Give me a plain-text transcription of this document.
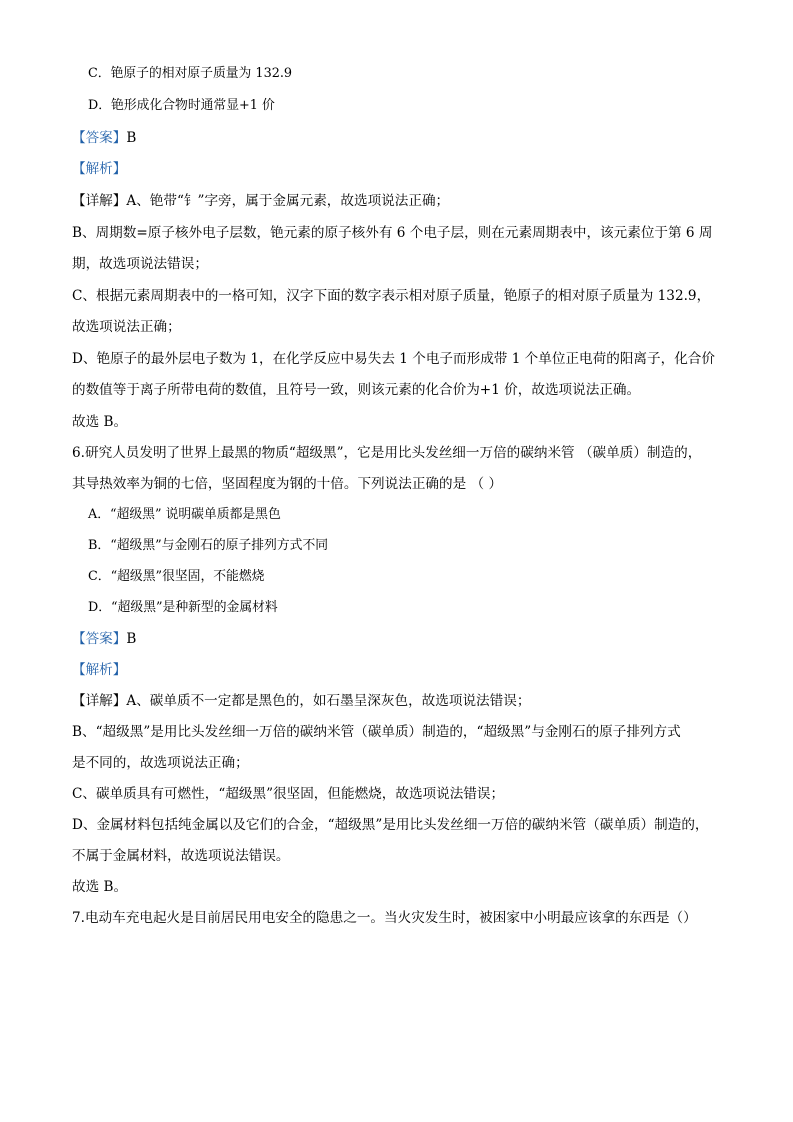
C．铯原子的相对原子质量为 132.9
D．铯形成化合物时通常显+1 价
【答案】B
【解析】
【详解】A、铯带“钅”字旁，属于金属元素，故选项说法正确；
B、周期数=原子核外电子层数，铯元素的原子核外有 6 个电子层，则在元素周期表中，该元素位于第 6 周
期，故选项说法错误；
C、根据元素周期表中的一格可知，汉字下面的数字表示相对原子质量，铯原子的相对原子质量为 132.9，
故选项说法正确；
D、铯原子的最外层电子数为 1，在化学反应中易失去 1 个电子而形成带 1 个单位正电荷的阳离子，化合价
的数值等于离子所带电荷的数值，且符号一致，则该元素的化合价为+1 价，故选项说法正确。
故选 B。
6.研究人员发明了世界上最黑的物质“超级黑”，它是用比头发丝细一万倍的碳纳米管 （碳单质）制造的，
其导热效率为铜的七倍，坚固程度为钢的十倍。下列说法正确的是 （ ）
A．“超级黑” 说明碳单质都是黑色
B．“超级黑”与金刚石的原子排列方式不同
C．“超级黑”很坚固，不能燃烧
D．“超级黑”是种新型的金属材料
【答案】B
【解析】
【详解】A、碳单质不一定都是黑色的，如石墨呈深灰色，故选项说法错误；
B、“超级黑”是用比头发丝细一万倍的碳纳米管（碳单质）制造的，“超级黑”与金刚石的原子排列方式
是不同的，故选项说法正确；
C、碳单质具有可燃性，“超级黑”很坚固，但能燃烧，故选项说法错误；
D、金属材料包括纯金属以及它们的合金，“超级黑”是用比头发丝细一万倍的碳纳米管（碳单质）制造的，
不属于金属材料，故选项说法错误。
故选 B。
7.电动车充电起火是目前居民用电安全的隐患之一。当火灾发生时，被困家中小明最应该拿的东西是（）
